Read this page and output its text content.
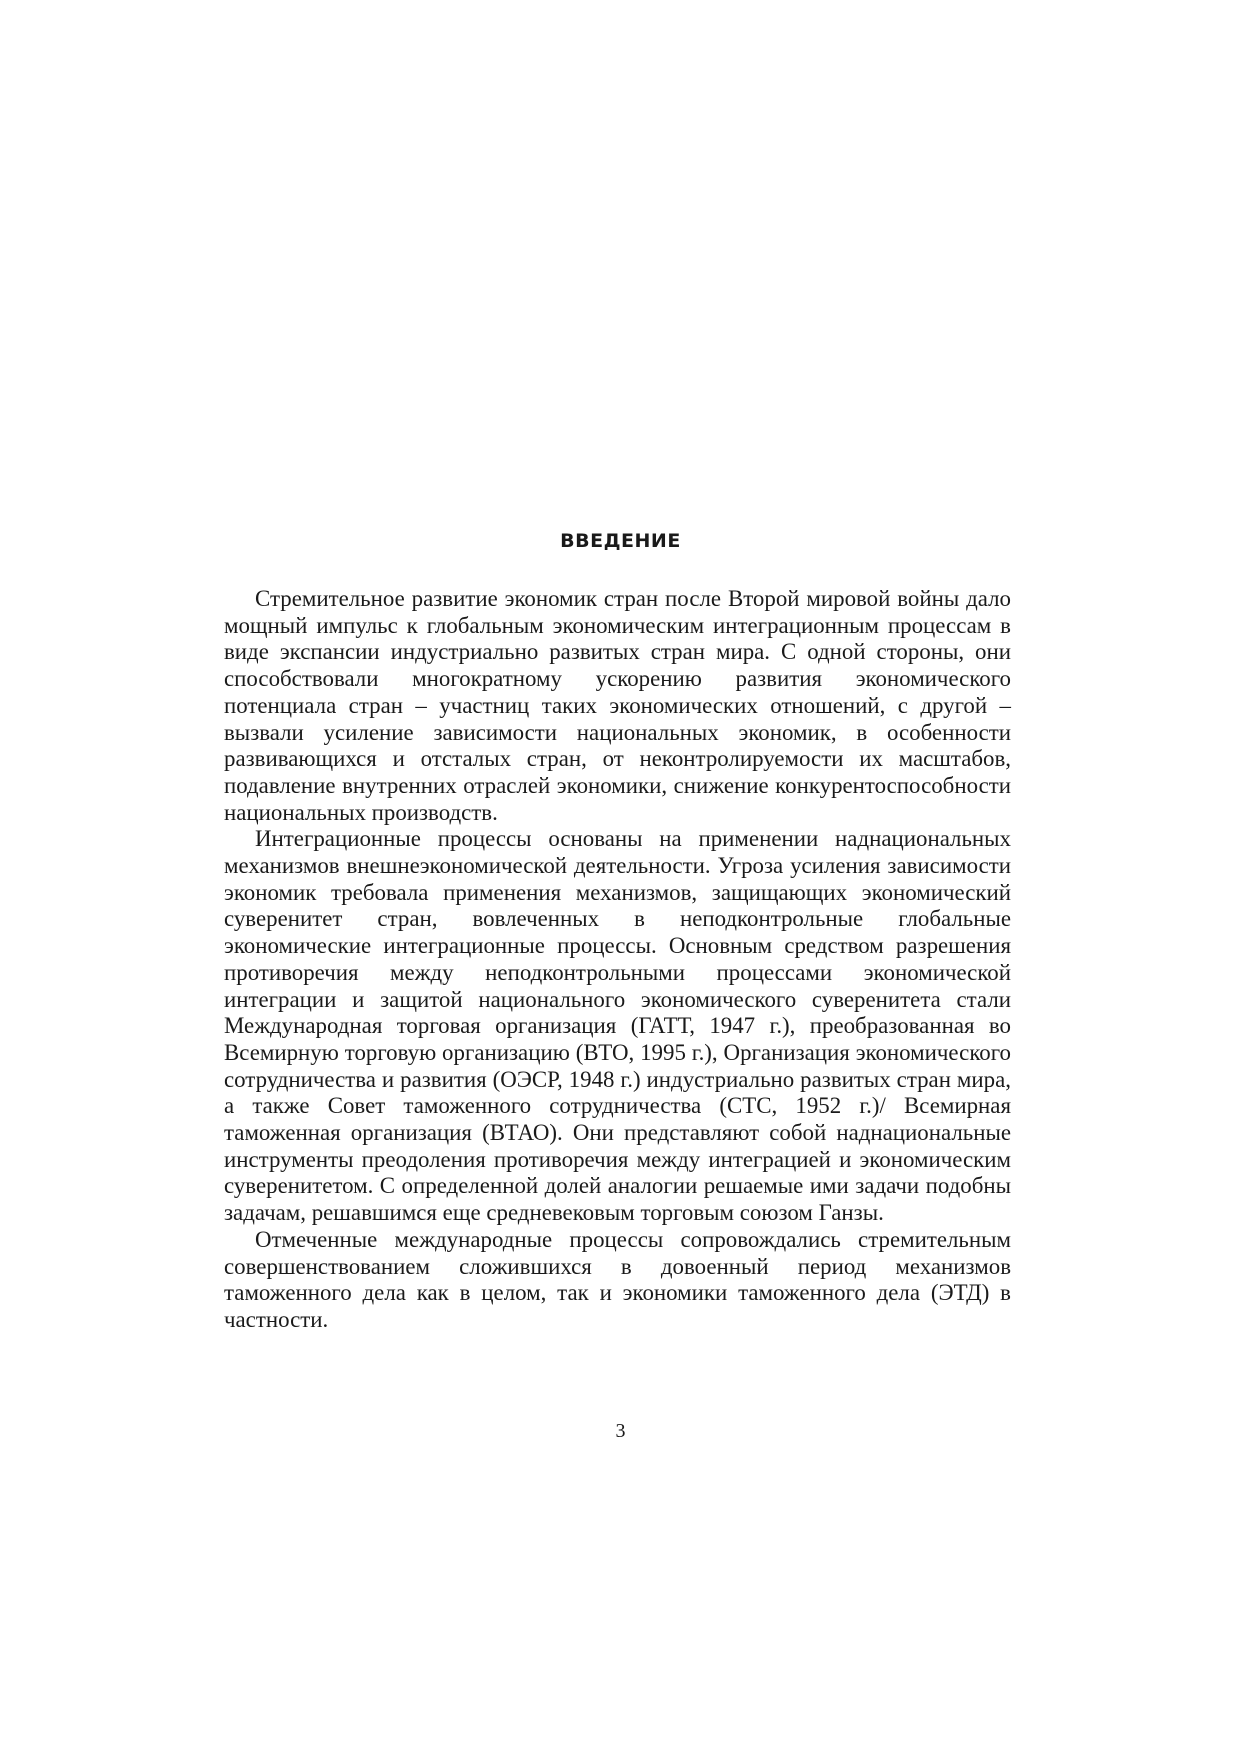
ВВЕДЕНИЕ

Стремительное развитие экономик стран после Второй мировой войны дало мощный импульс к глобальным экономическим интеграционным процессам в виде экспансии индустриально развитых стран мира. С одной стороны, они способствовали многократному ускорению развития экономического потенциала стран – участниц таких экономических отношений, с другой – вызвали усиление зависимости национальных экономик, в особенности развивающихся и отсталых стран, от неконтролируемости их масштабов, подавление внутренних отраслей экономики, снижение конкурентоспособности национальных производств.

Интеграционные процессы основаны на применении наднациональных механизмов внешнеэкономической деятельности. Угроза усиления зависимости экономик требовала применения механизмов, защищающих экономический суверенитет стран, вовлеченных в неподконтрольные глобальные экономические интеграционные процессы. Основным средством разрешения противоречия между неподконтрольными процессами экономической интеграции и защитой национального экономического суверенитета стали Международная торговая организация (ГАТТ, 1947 г.), преобразованная во Всемирную торговую организацию (ВТО, 1995 г.), Организация экономического сотрудничества и развития (ОЭСР, 1948 г.) индустриально развитых стран мира, а также Совет таможенного сотрудничества (СТС, 1952 г.)/ Всемирная таможенная организация (ВТАО). Они представляют собой наднациональные инструменты преодоления противоречия между интеграцией и экономическим суверенитетом. С определенной долей аналогии решаемые ими задачи подобны задачам, решавшимся еще средневековым торговым союзом Ганзы.

Отмеченные международные процессы сопровождались стремительным совершенствованием сложившихся в довоенный период механизмов таможенного дела как в целом, так и экономики таможенного дела (ЭТД) в частности.

3
